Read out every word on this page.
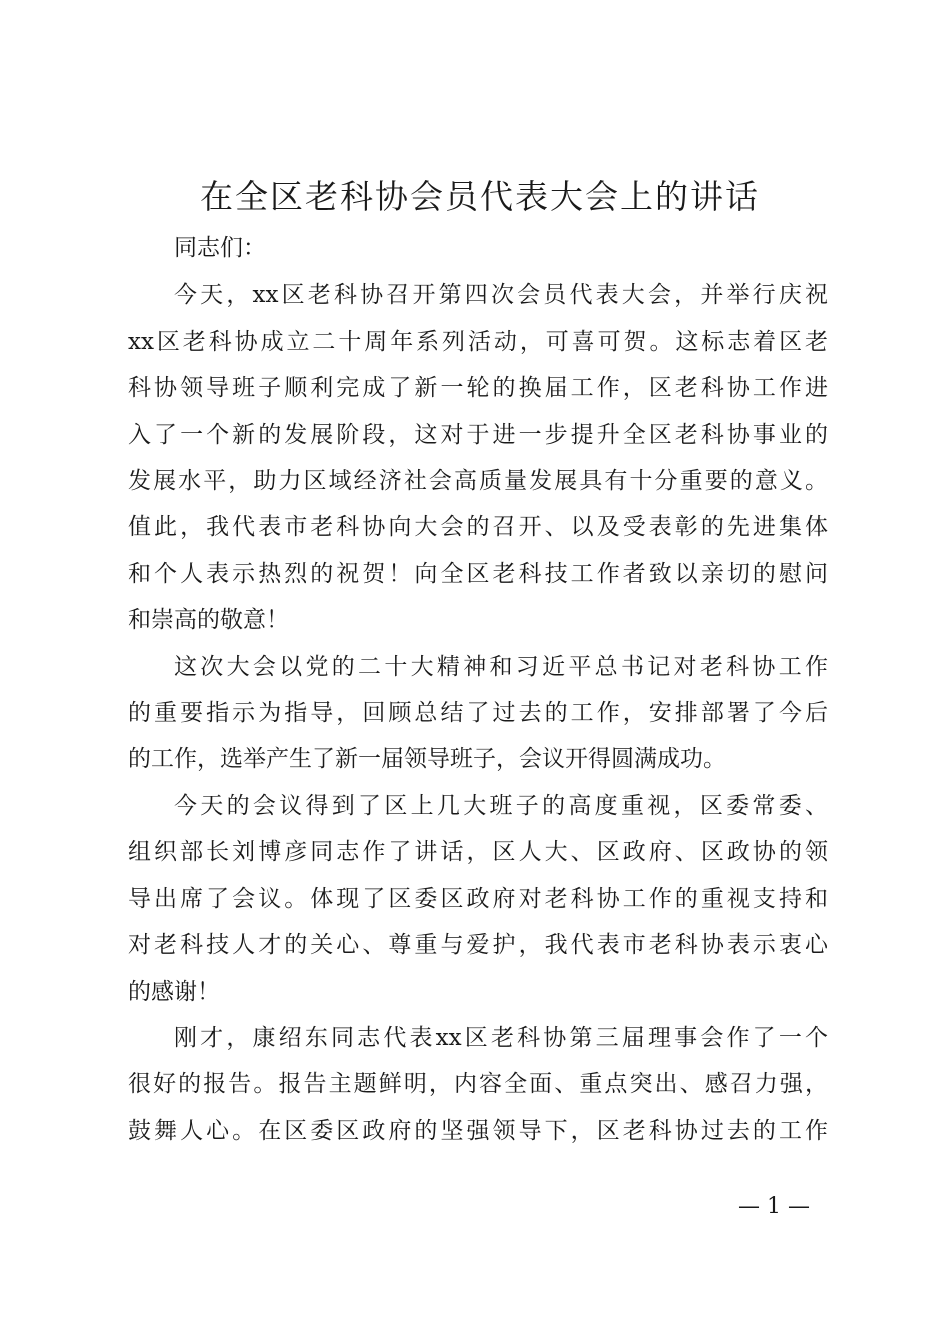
在全区老科协会员代表大会上的讲话
同志们：
今天，xx区老科协召开第四次会员代表大会，并举行庆祝
xx区老科协成立二十周年系列活动，可喜可贺。这标志着区老
科协领导班子顺利完成了新一轮的换届工作，区老科协工作进
入了一个新的发展阶段，这对于进一步提升全区老科协事业的
发展水平，助力区域经济社会高质量发展具有十分重要的意义。
值此，我代表市老科协向大会的召开、以及受表彰的先进集体
和个人表示热烈的祝贺！向全区老科技工作者致以亲切的慰问
和崇高的敬意！
这次大会以党的二十大精神和习近平总书记对老科协工作
的重要指示为指导，回顾总结了过去的工作，安排部署了今后
的工作，选举产生了新一届领导班子，会议开得圆满成功。
今天的会议得到了区上几大班子的高度重视，区委常委、
组织部长刘博彦同志作了讲话，区人大、区政府、区政协的领
导出席了会议。体现了区委区政府对老科协工作的重视支持和
对老科技人才的关心、尊重与爱护，我代表市老科协表示衷心
的感谢！
刚才，康绍东同志代表xx区老科协第三届理事会作了一个
很好的报告。报告主题鲜明，内容全面、重点突出、感召力强，
鼓舞人心。在区委区政府的坚强领导下，区老科协过去的工作
— 1 —
